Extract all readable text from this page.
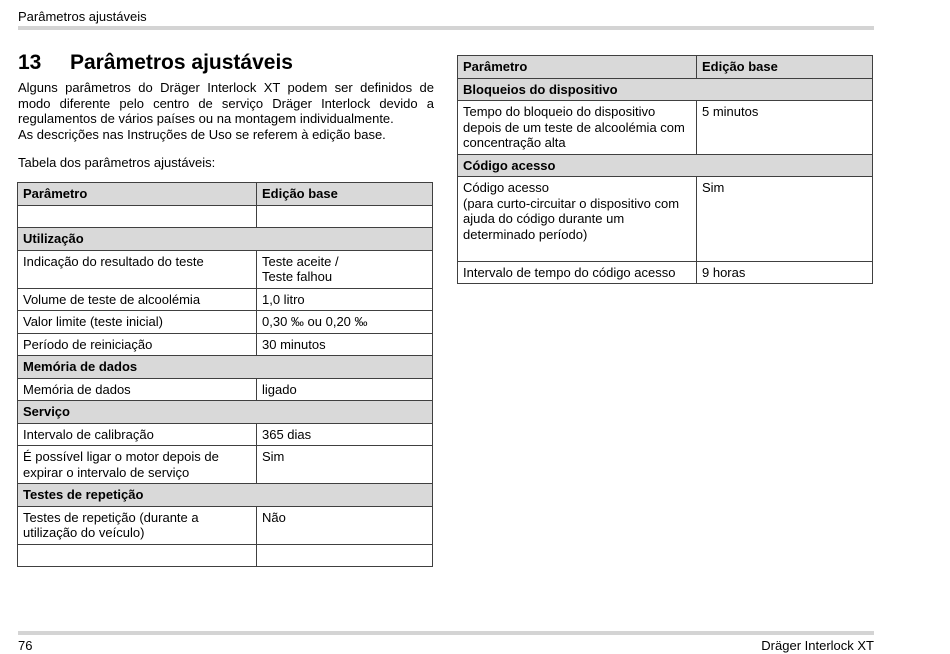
Parâmetros ajustáveis
13	Parâmetros ajustáveis

Alguns parâmetros do Dräger Interlock XT podem ser definidos de modo diferente pelo centro de serviço Dräger Interlock devido a regulamentos de vários países ou na montagem individualmente.

As descrições nas Instruções de Uso se referem à edição base.

Tabela dos parâmetros ajustáveis:
Parâmetro	Edição base

Utilização	
Indicação do resultado do teste	Teste aceite /
Teste falhou

Volume de teste de alcoolémia	1,0 litro
Valor limite (teste inicial)	0,30 ‰ ou 0,20 ‰
Período de reiniciação	30 minutos
Memória de dados	
Memória de dados	ligado
Serviço	
Intervalo de calibração	365 dias

É possível ligar o motor depois de
expirar o intervalo de serviço	Sim
Testes de repetição	

Testes de repetição (durante a
utilização do veículo)	Não

Parâmetro	Edição base
Bloqueios do dispositivo	

Tempo do bloqueio do dispositivo
depois de um teste de alcoolémia com
concentração alta	5 minutos
Código acesso	

Código acesso
(para curto-circuitar o dispositivo com
ajuda do código durante um
determinado período)	Sim
Intervalo de tempo do código acesso	9 horas
76	Dräger Interlock XT
